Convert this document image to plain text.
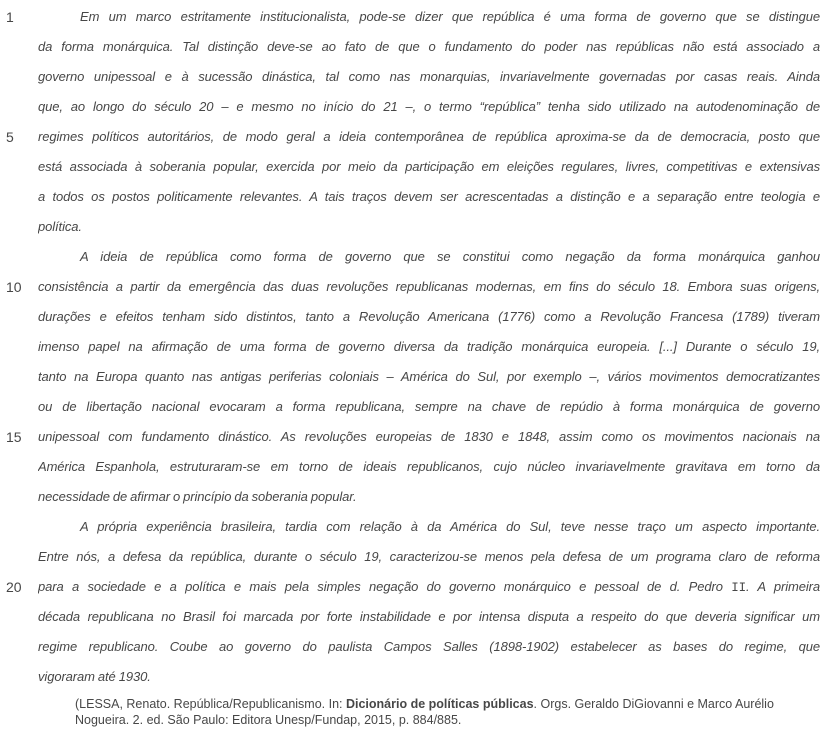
1
5
10
15
20
Em um marco estritamente institucionalista, pode-se dizer que república é uma forma de governo que se distingue
da forma monárquica. Tal distinção deve-se ao fato de que o fundamento do poder nas repúblicas não está associado a
governo unipessoal e à sucessão dinástica, tal como nas monarquias, invariavelmente governadas por casas reais. Ainda
que, ao longo do século 20 – e mesmo no início do 21 –, o termo “república” tenha sido utilizado na autodenominação de
regimes políticos autoritários, de modo geral a ideia contemporânea de república aproxima-se da de democracia, posto que
está associada à soberania popular, exercida por meio da participação em eleições regulares, livres, competitivas e extensivas
a todos os postos politicamente relevantes. A tais traços devem ser acrescentadas a distinção e a separação entre teologia e
política.
A ideia de república como forma de governo que se constitui como negação da forma monárquica ganhou
consistência a partir da emergência das duas revoluções republicanas modernas, em fins do século 18. Embora suas origens,
durações e efeitos tenham sido distintos, tanto a Revolução Americana (1776) como a Revolução Francesa (1789) tiveram
imenso papel na afirmação de uma forma de governo diversa da tradição monárquica europeia. [...] Durante o século 19,
tanto na Europa quanto nas antigas periferias coloniais – América do Sul, por exemplo –, vários movimentos democratizantes
ou de libertação nacional evocaram a forma republicana, sempre na chave de repúdio à forma monárquica de governo
unipessoal com fundamento dinástico. As revoluções europeias de 1830 e 1848, assim como os movimentos nacionais na
América Espanhola, estruturaram-se em torno de ideais republicanos, cujo núcleo invariavelmente gravitava em torno da
necessidade de afirmar o princípio da soberania popular.
A própria experiência brasileira, tardia com relação à da América do Sul, teve nesse traço um aspecto importante.
Entre nós, a defesa da república, durante o século 19, caracterizou-se menos pela defesa de um programa claro de reforma
para a sociedade e a política e mais pela simples negação do governo monárquico e pessoal de d. Pedro II. A primeira
década republicana no Brasil foi marcada por forte instabilidade e por intensa disputa a respeito do que deveria significar um
regime republicano. Coube ao governo do paulista Campos Salles (1898-1902) estabelecer as bases do regime, que
vigoraram até 1930.
(LESSA, Renato. República/Republicanismo. In: Dicionário de políticas públicas. Orgs. Geraldo DiGiovanni e Marco Aurélio
Nogueira. 2. ed. São Paulo: Editora Unesp/Fundap, 2015, p. 884/885.
